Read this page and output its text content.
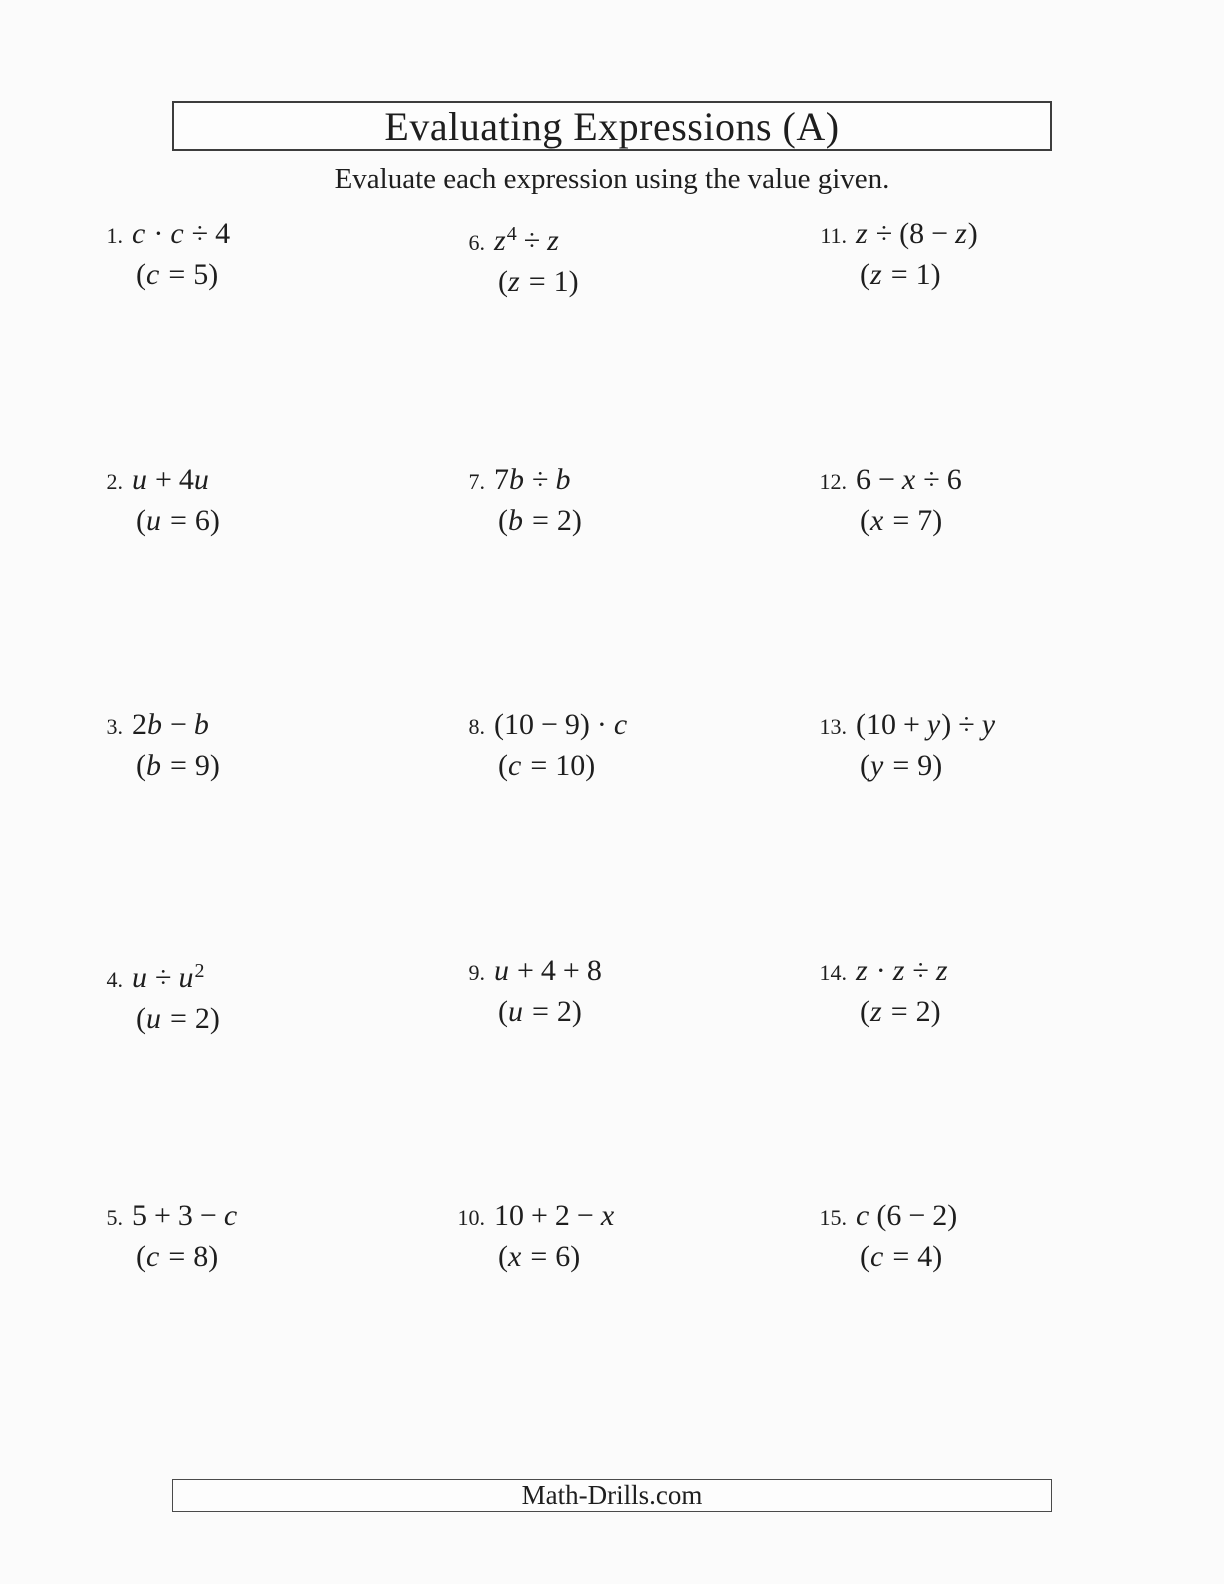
Evaluating Expressions (A)
Evaluate each expression using the value given.
1. c · c ÷ 4
(c = 5)
2. u + 4u
(u = 6)
3. 2b − b
(b = 9)
4. $u \div u^2$
(u = 2)
5. 5 + 3 − c
(c = 8)
6. $z^4 \div z$
(z = 1)
7. 7b ÷ b
(b = 2)
8. (10 − 9) · c
(c = 10)
9. u + 4 + 8
(u = 2)
10. 10 + 2 − x
(x = 6)
11. z ÷ (8 − z)
(z = 1)
12. 6 − x ÷ 6
(x = 7)
13. (10 + y) ÷ y
(y = 9)
14. z · z ÷ z
(z = 2)
15. c (6 − 2)
(c = 4)
Math-Drills.com
